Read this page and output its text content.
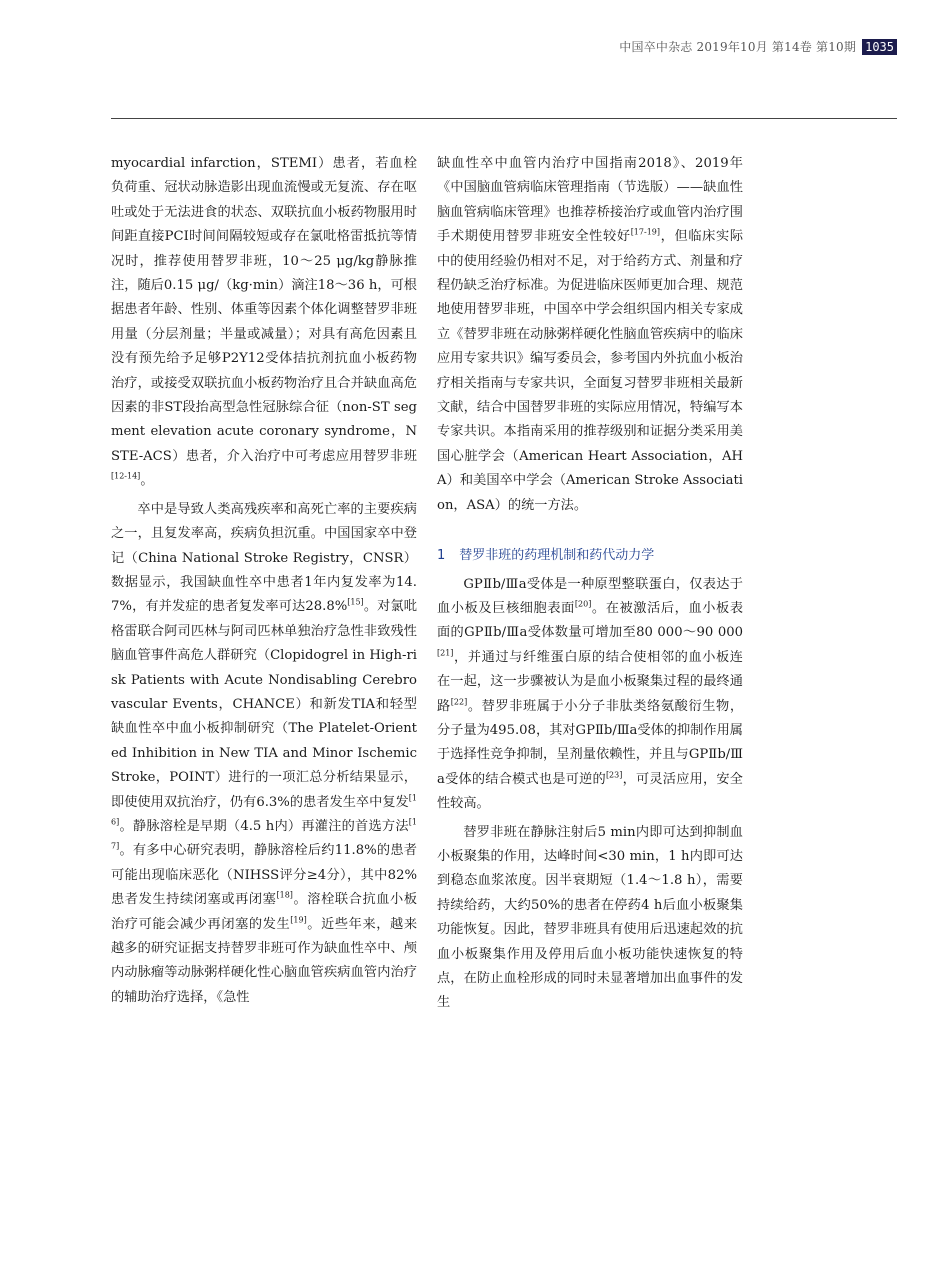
中国卒中杂志 2019年10月 第14卷 第10期 1035

myocardial infarction，STEMI）患者，若血栓负荷重、冠状动脉造影出现血流慢或无复流、存在呕吐或处于无法进食的状态、双联抗血小板药物服用时间距直接PCI时间间隔较短或存在氯吡格雷抵抗等情况时，推荐使用替罗非班，10～25 μg/kg静脉推注，随后0.15 μg/（kg·min）滴注18～36 h，可根据患者年龄、性别、体重等因素个体化调整替罗非班用量（分层剂量；半量或减量）；对具有高危因素且没有预先给予足够P2Y12受体拮抗剂抗血小板药物治疗，或接受双联抗血小板药物治疗且合并缺血高危因素的非ST段抬高型急性冠脉综合征（non-ST segment elevation acute coronary syndrome，NSTE-ACS）患者，介入治疗中可考虑应用替罗非班[12-14]。

卒中是导致人类高残疾率和高死亡率的主要疾病之一，且复发率高，疾病负担沉重。中国国家卒中登记（China National Stroke Registry，CNSR）数据显示，我国缺血性卒中患者1年内复发率为14.7%，有并发症的患者复发率可达28.8%[15]。对氯吡格雷联合阿司匹林与阿司匹林单独治疗急性非致残性脑血管事件高危人群研究（Clopidogrel in High-risk Patients with Acute Nondisabling Cerebrovascular Events，CHANCE）和新发TIA和轻型缺血性卒中血小板抑制研究（The Platelet-Oriented Inhibition in New TIA and Minor Ischemic Stroke，POINT）进行的一项汇总分析结果显示，即使使用双抗治疗，仍有6.3%的患者发生卒中复发[16]。静脉溶栓是早期（4.5 h内）再灌注的首选方法[17]。有多中心研究表明，静脉溶栓后约11.8%的患者可能出现临床恶化（NIHSS评分≥4分），其中82%患者发生持续闭塞或再闭塞[18]。溶栓联合抗血小板治疗可能会减少再闭塞的发生[19]。近些年来，越来越多的研究证据支持替罗非班可作为缺血性卒中、颅内动脉瘤等动脉粥样硬化性心脑血管疾病血管内治疗的辅助治疗选择，《急性

缺血性卒中血管内治疗中国指南2018》、2019年《中国脑血管病临床管理指南（节选版）——缺血性脑血管病临床管理》也推荐桥接治疗或血管内治疗围手术期使用替罗非班安全性较好[17-19]，但临床实际中的使用经验仍相对不足，对于给药方式、剂量和疗程仍缺乏治疗标准。为促进临床医师更加合理、规范地使用替罗非班，中国卒中学会组织国内相关专家成立《替罗非班在动脉粥样硬化性脑血管疾病中的临床应用专家共识》编写委员会，参考国内外抗血小板治疗相关指南与专家共识，全面复习替罗非班相关最新文献，结合中国替罗非班的实际应用情况，特编写本专家共识。本指南采用的推荐级别和证据分类采用美国心脏学会（American Heart Association，AHA）和美国卒中学会（American Stroke Association，ASA）的统一方法。

1 替罗非班的药理机制和药代动力学

GPⅡb/Ⅲa受体是一种原型整联蛋白，仅表达于血小板及巨核细胞表面[20]。在被激活后，血小板表面的GPⅡb/Ⅲa受体数量可增加至80 000～90 000[21]，并通过与纤维蛋白原的结合使相邻的血小板连在一起，这一步骤被认为是血小板聚集过程的最终通路[22]。替罗非班属于小分子非肽类络氨酸衍生物，分子量为495.08，其对GPⅡb/Ⅲa受体的抑制作用属于选择性竞争抑制，呈剂量依赖性，并且与GPⅡb/Ⅲa受体的结合模式也是可逆的[23]，可灵活应用，安全性较高。

替罗非班在静脉注射后5 min内即可达到抑制血小板聚集的作用，达峰时间<30 min，1 h内即可达到稳态血浆浓度。因半衰期短（1.4～1.8 h），需要持续给药，大约50%的患者在停药4 h后血小板聚集功能恢复。因此，替罗非班具有使用后迅速起效的抗血小板聚集作用及停用后血小板功能快速恢复的特点，在防止血栓形成的同时未显著增加出血事件的发生
